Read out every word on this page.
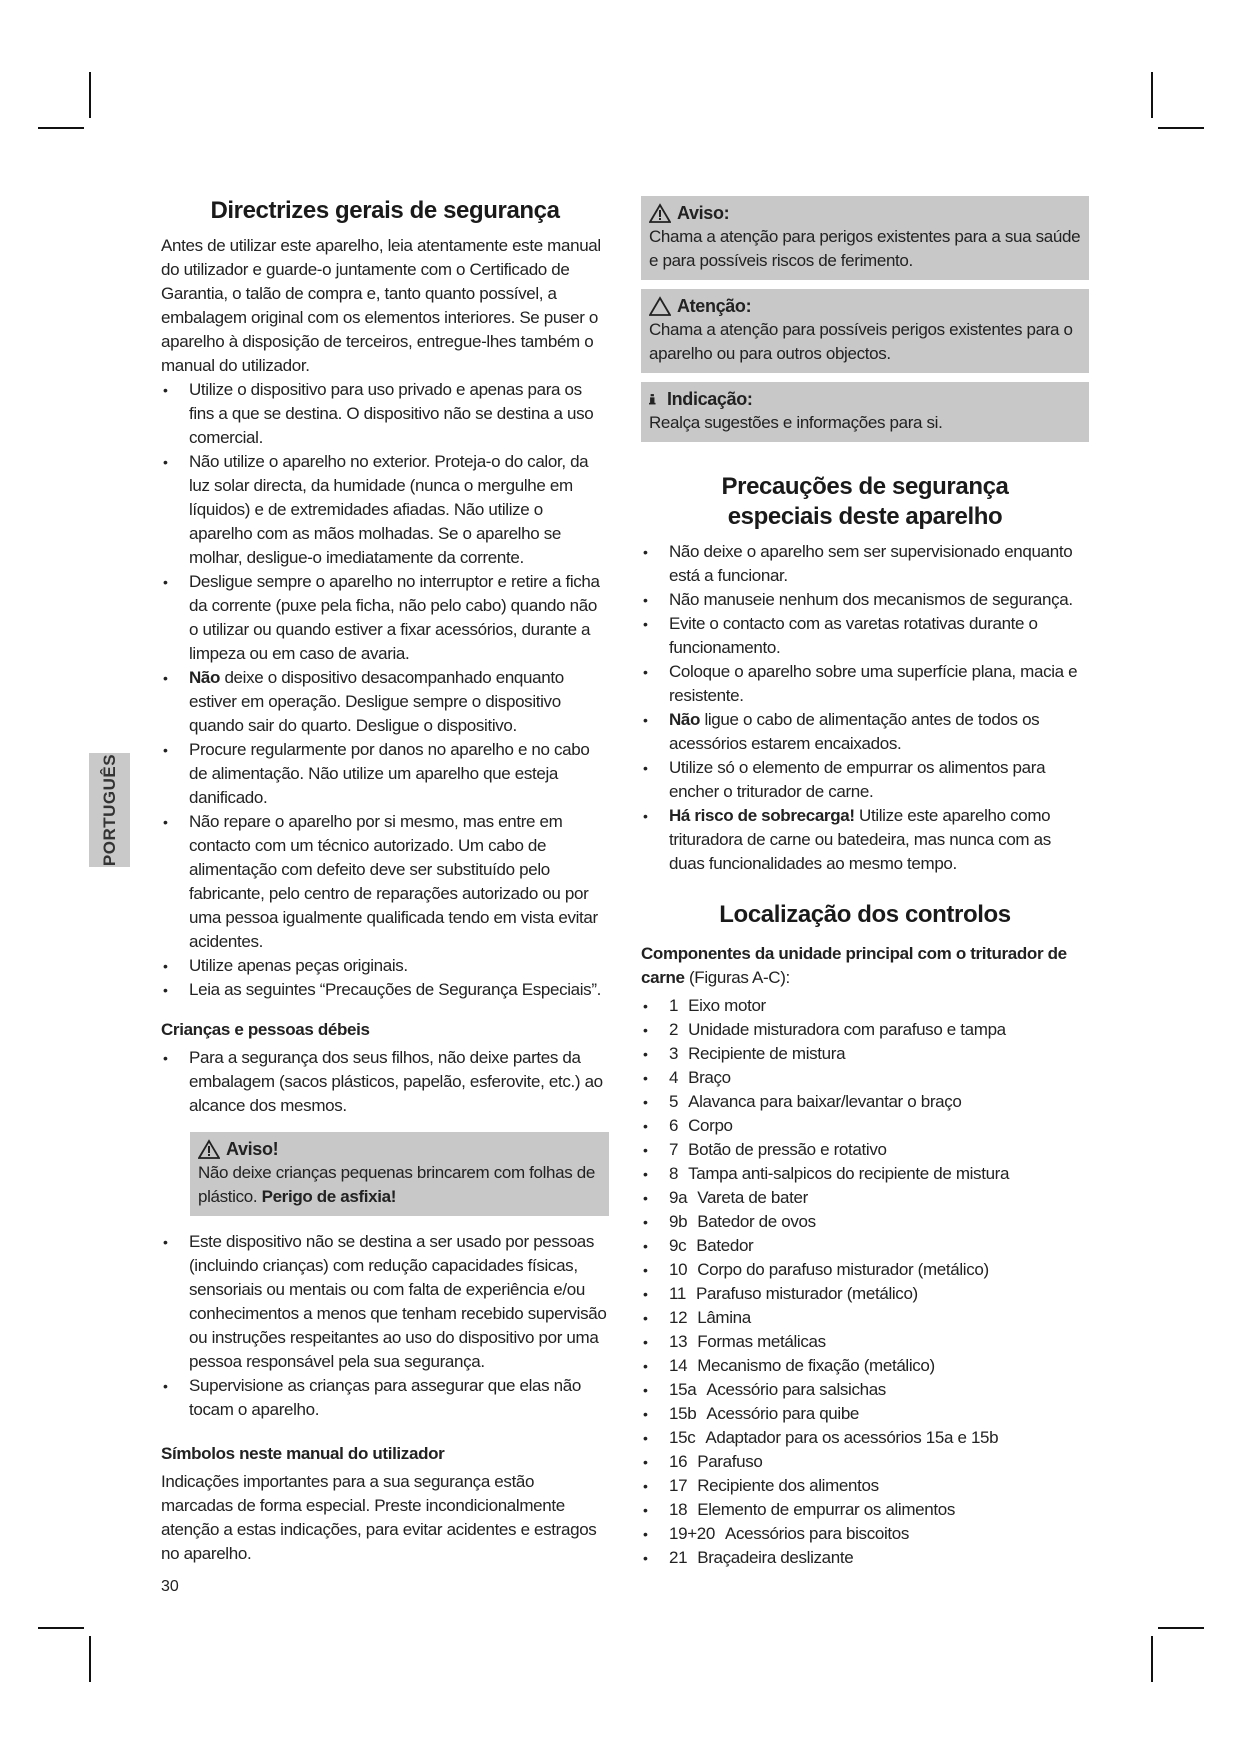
PORTUGUÊS
Directrizes gerais de segurança

Antes de utilizar este aparelho, leia atentamente este manual do utilizador e guarde-o juntamente com o Certificado de Garantia, o talão de compra e, tanto quanto possível, a embalagem original com os elementos interiores. Se puser o aparelho à disposição de terceiros, entregue-lhes também o manual do utilizador.

• Utilize o dispositivo para uso privado e apenas para os fins a que se destina. O dispositivo não se destina a uso comercial.
• Não utilize o aparelho no exterior. Proteja-o do calor, da luz solar directa, da humidade (nunca o mergulhe em líquidos) e de extremidades afiadas. Não utilize o aparelho com as mãos molhadas. Se o aparelho se molhar, desligue-o imediatamente da corrente.
• Desligue sempre o aparelho no interruptor e retire a ficha da corrente (puxe pela ficha, não pelo cabo) quando não o utilizar ou quando estiver a fixar acessórios, durante a limpeza ou em caso de avaria.
• Não deixe o dispositivo desacompanhado enquanto estiver em operação. Desligue sempre o dispositivo quando sair do quarto. Desligue o dispositivo.
• Procure regularmente por danos no aparelho e no cabo de alimentação. Não utilize um aparelho que esteja danificado.
• Não repare o aparelho por si mesmo, mas entre em contacto com um técnico autorizado. Um cabo de alimentação com defeito deve ser substituído pelo fabricante, pelo centro de reparações autorizado ou por uma pessoa igualmente qualificada tendo em vista evitar acidentes.
• Utilize apenas peças originais.
• Leia as seguintes “Precauções de Segurança Especiais”.
Crianças e pessoas débeis
• Para a segurança dos seus filhos, não deixe partes da embalagem (sacos plásticos, papelão, esferovite, etc.) ao alcance dos mesmos.
Aviso!

Não deixe crianças pequenas brincarem com folhas de plástico. Perigo de asfixia!

• Este dispositivo não se destina a ser usado por pessoas (incluindo crianças) com redução capacidades físicas, sensoriais ou mentais ou com falta de experiência e/ou conhecimentos a menos que tenham recebido supervisão ou instruções respeitantes ao uso do dispositivo por uma pessoa responsável pela sua segurança.
• Supervisione as crianças para assegurar que elas não tocam o aparelho.
Símbolos neste manual do utilizador

Indicações importantes para a sua segurança estão marcadas de forma especial. Preste incondicionalmente atenção a estas indicações, para evitar acidentes e estragos no aparelho.

Aviso:

Chama a atenção para perigos existentes para a sua saúde e para possíveis riscos de ferimento.

Atenção:

Chama a atenção para possíveis perigos existentes para o aparelho ou para outros objectos.

Indicação:

Realça sugestões e informações para si.

Precauções de segurança especiais deste aparelho
• Não deixe o aparelho sem ser supervisionado enquanto está a funcionar.
• Não manuseie nenhum dos mecanismos de segurança.
• Evite o contacto com as varetas rotativas durante o funcionamento.
• Coloque o aparelho sobre uma superfície plana, macia e resistente.
• Não ligue o cabo de alimentação antes de todos os acessórios estarem encaixados.
• Utilize só o elemento de empurrar os alimentos para encher o triturador de carne.
• Há risco de sobrecarga! Utilize este aparelho como trituradora de carne ou batedeira, mas nunca com as duas funcionalidades ao mesmo tempo.
Localização dos controlos

Componentes da unidade principal com o triturador de carne (Figuras A-C):

• 1 Eixo motor
• 2 Unidade misturadora com parafuso e tampa
• 3 Recipiente de mistura
• 4 Braço
• 5 Alavanca para baixar/levantar o braço
• 6 Corpo
• 7 Botão de pressão e rotativo
• 8 Tampa anti-salpicos do recipiente de mistura
• 9a Vareta de bater
• 9b Batedor de ovos
• 9c Batedor
• 10 Corpo do parafuso misturador (metálico)
• 11 Parafuso misturador (metálico)
• 12 Lâmina
• 13 Formas metálicas
• 14 Mecanismo de fixação (metálico)
• 15a Acessório para salsichas
• 15b Acessório para quibe
• 15c Adaptador para os acessórios 15a e 15b
• 16 Parafuso
• 17 Recipiente dos alimentos
• 18 Elemento de empurrar os alimentos
• 19+20 Acessórios para biscoitos
• 21 Braçadeira deslizante
30
